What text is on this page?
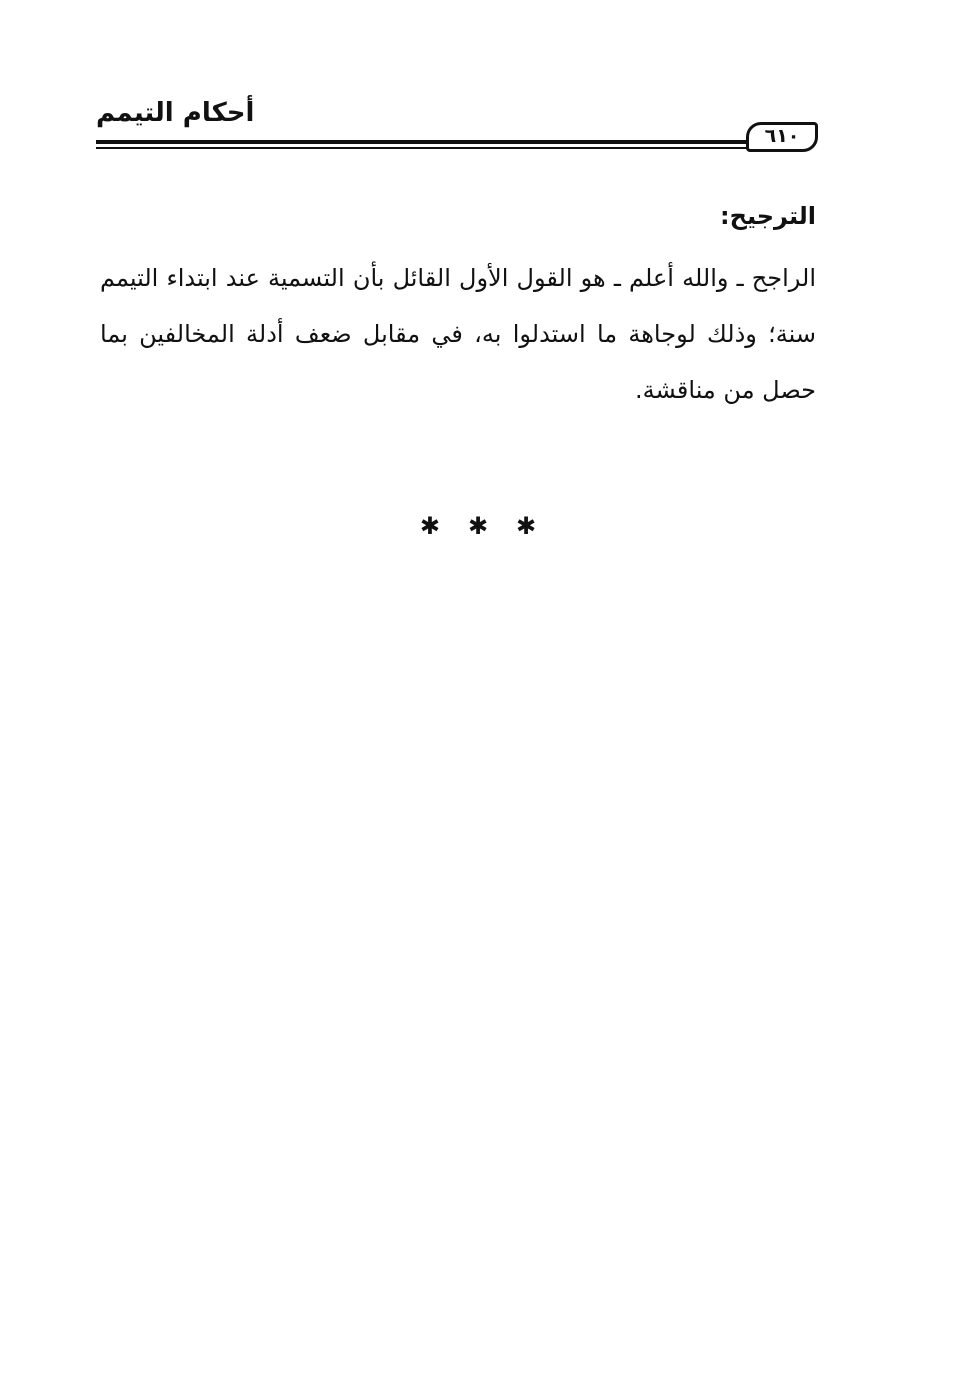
أحكام التيمم
٦١٠
الترجيح:

الراجح ـ والله أعلم ـ هو القول الأول القائل بأن التسمية عند ابتداء التيمم سنة؛ وذلك لوجاهة ما استدلوا به، في مقابل ضعف أدلة المخالفين بما حصل من مناقشة.

✱✱✱
